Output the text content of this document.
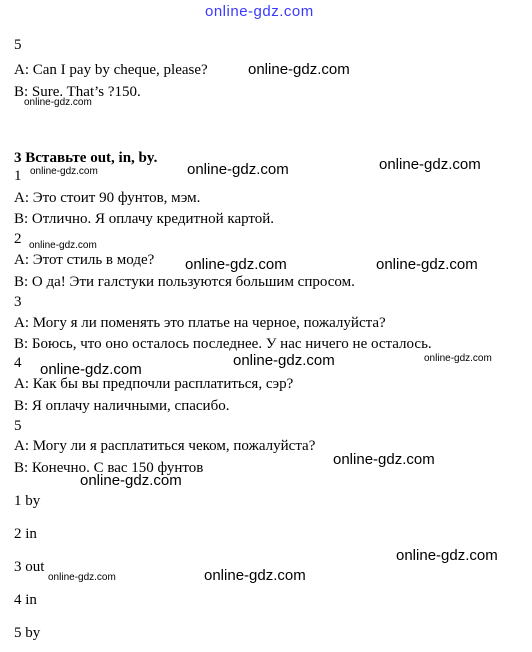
online-gdz.com
5
A: Can I pay by cheque, please?
B: Sure. That’s ?150.
3 Вставьте out, in, by.
1
A: Это стоит 90 фунтов, мэм.
B: Отлично. Я оплачу кредитной картой.
2
A: Этот стиль в моде?
B: О да! Эти галстуки пользуются большим спросом.
3
A: Могу я ли поменять это платье на черное, пожалуйста?
B: Боюсь, что оно осталось последнее. У нас ничего не осталось.
4
A: Как бы вы предпочли расплатиться, сэр?
B: Я оплачу наличными, спасибо.
5
A: Могу ли я расплатиться чеком, пожалуйста?
B: Конечно. С вас 150 фунтов
1 by
2 in
3 out
4 in
5 by
online-gdz.com
online-gdz.com
online-gdz.com	online-gdz.com
online-gdz.com
online-gdz.com
online-gdz.com	online-gdz.com
online-gdz.com
online-gdz.com	online-gdz.com
online-gdz.com
online-gdz.com
online-gdz.com
online-gdz.com	online-gdz.com
